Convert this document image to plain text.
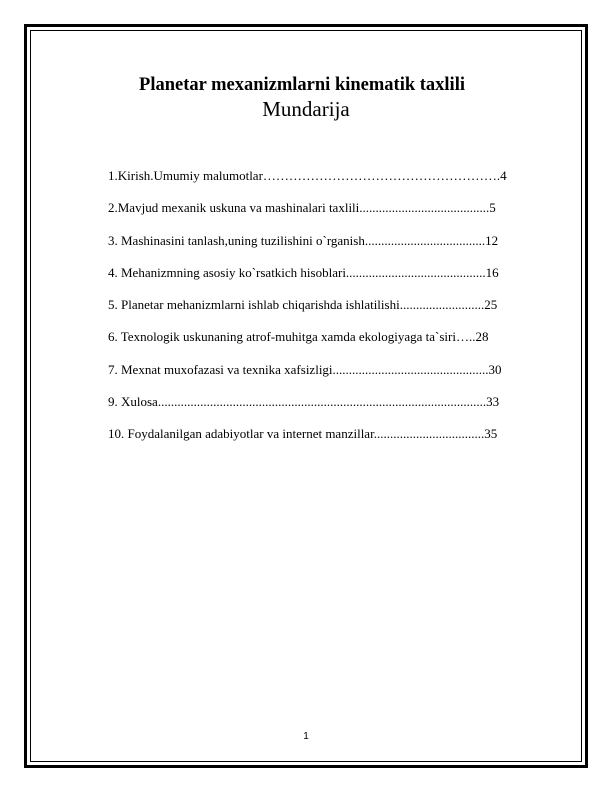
Planetar mexanizmlarni kinematik taxlili
Mundarija
1.Kirish.Umumiy malumotlar……………………………………………….4
2.Mavjud mexanik uskuna va mashinalari taxlili........................................5
3. Mashinasini tanlash,uning tuzilishini o`rganish.....................................12
4. Mehanizmning asosiy ko`rsatkich hisoblari...........................................16
5. Planetar mehanizmlarni ishlab chiqarishda ishlatilishi..........................25
6. Texnologik uskunaning atrof-muhitga xamda ekologiyaga ta`siri…..28
7. Mexnat muxofazasi va texnika xafsizligi................................................30
9. Xulosa.....................................................................................................33
10. Foydalanilgan adabiyotlar va internet manzillar..................................35
1
